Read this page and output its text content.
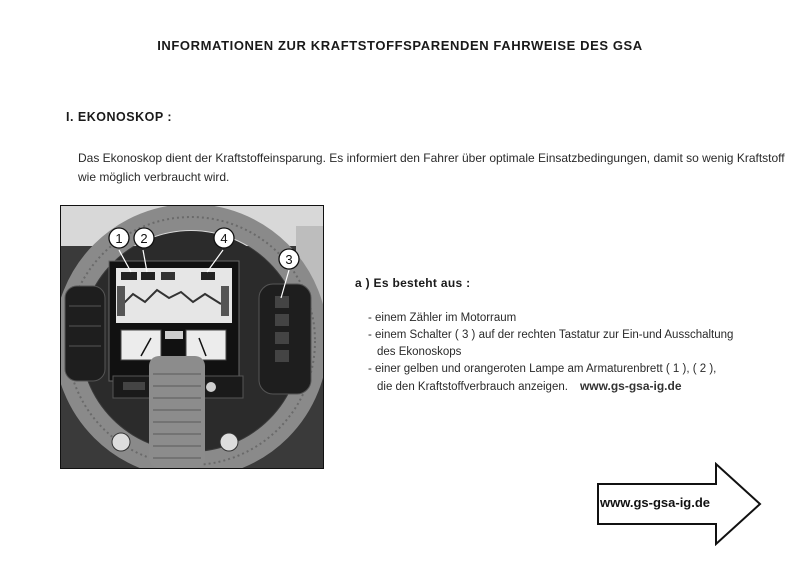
INFORMATIONEN ZUR KRAFTSTOFFSPARENDEN FAHRWEISE DES GSA
I. EKONOSKOP :
Das Ekonoskop dient der Kraftstoffeinsparung. Es informiert den Fahrer über optimale Einsatzbedingungen, damit so wenig Kraftstoff wie möglich verbraucht wird.
1 2	4
3
a ) Es besteht aus :
- einem Zähler im Motorraum
- einem Schalter ( 3 ) auf der rechten Tastatur zur Ein-und Ausschaltung
des Ekonoskops
- einer gelben und orangeroten Lampe am Armaturenbrett ( 1 ), ( 2 ),
die den Kraftstoffverbrauch anzeigen. www.gs-gsa-ig.de
www.gs-gsa-ig.de
